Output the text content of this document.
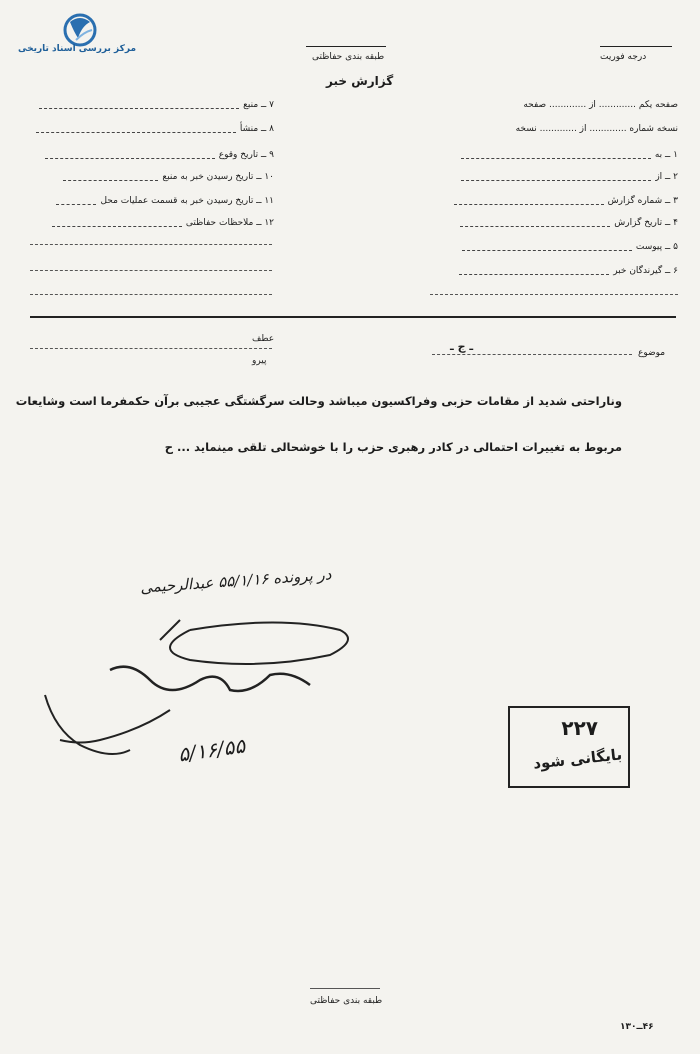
مرکز بررسی اسناد تاریخی
طبقه بندی حفاظتی	درجه فوریت
گزارش خبر
صفحه یکم ............. از ............. صفحه
نسخه شماره ............. از ............. نسخه
۱ ــ به
۲ ــ از
۳ ــ شماره گزارش
۴ ــ تاریخ گزارش
۵ ــ پیوست
۶ ــ گیرندگان خبر
۷ ــ منبع
۸ ــ منشأ
۹ ــ تاریخ وقوع
۱۰ ــ تاریخ رسیدن خبر به منبع
۱۱ ــ تاریخ رسیدن خبر به قسمت عملیات محل
۱۲ ــ ملاحظات حفاظتی
عطف
پیرو
موضوع
ـ ج ـ
وناراحتی شدید از مقامات حزبی وفراکسیون میباشد وحالت سرگشتگی عجیبی برآن حکمفرما است وشایعات
مربوط به تغییرات احتمالی در کادر رهبری حزب را با خوشحالی تلقی مینماید ... ح
در پرونده ۵۵/۱/۱۶ عبدالرحیمی
۵/۱۶/۵۵
۲۲۷
بایگانی شود
طبقه بندی حفاظتی
۴۶ــ۱۳۰
